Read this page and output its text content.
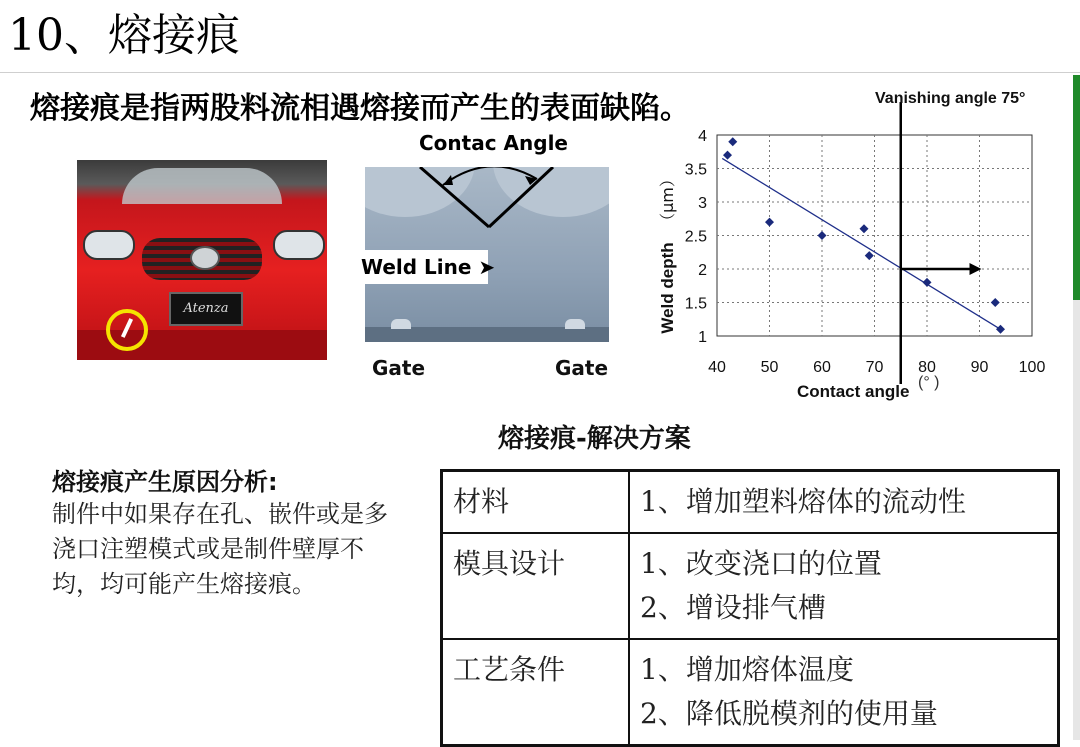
10、熔接痕
熔接痕是指两股料流相遇熔接而产生的表面缺陷。
Atenza
Contac Angle
Weld Line ➤
Gate	Gate
1
1.5
2
2.5
3
3.5
4
40 50 60 70 80 90 100
Vanishing angle 75°
Contact angle (° )
Weld depth
（μm）
熔接痕-解决方案
熔接痕产生原因分析:
制件中如果存在孔、嵌件或是多浇口注塑模式或是制件壁厚不均，均可能产生熔接痕。
材料	1、增加塑料熔体的流动性

模具设计	1、改变浇口的位置
2、增设排气槽

工艺条件	1、增加熔体温度
2、降低脱模剂的使用量
